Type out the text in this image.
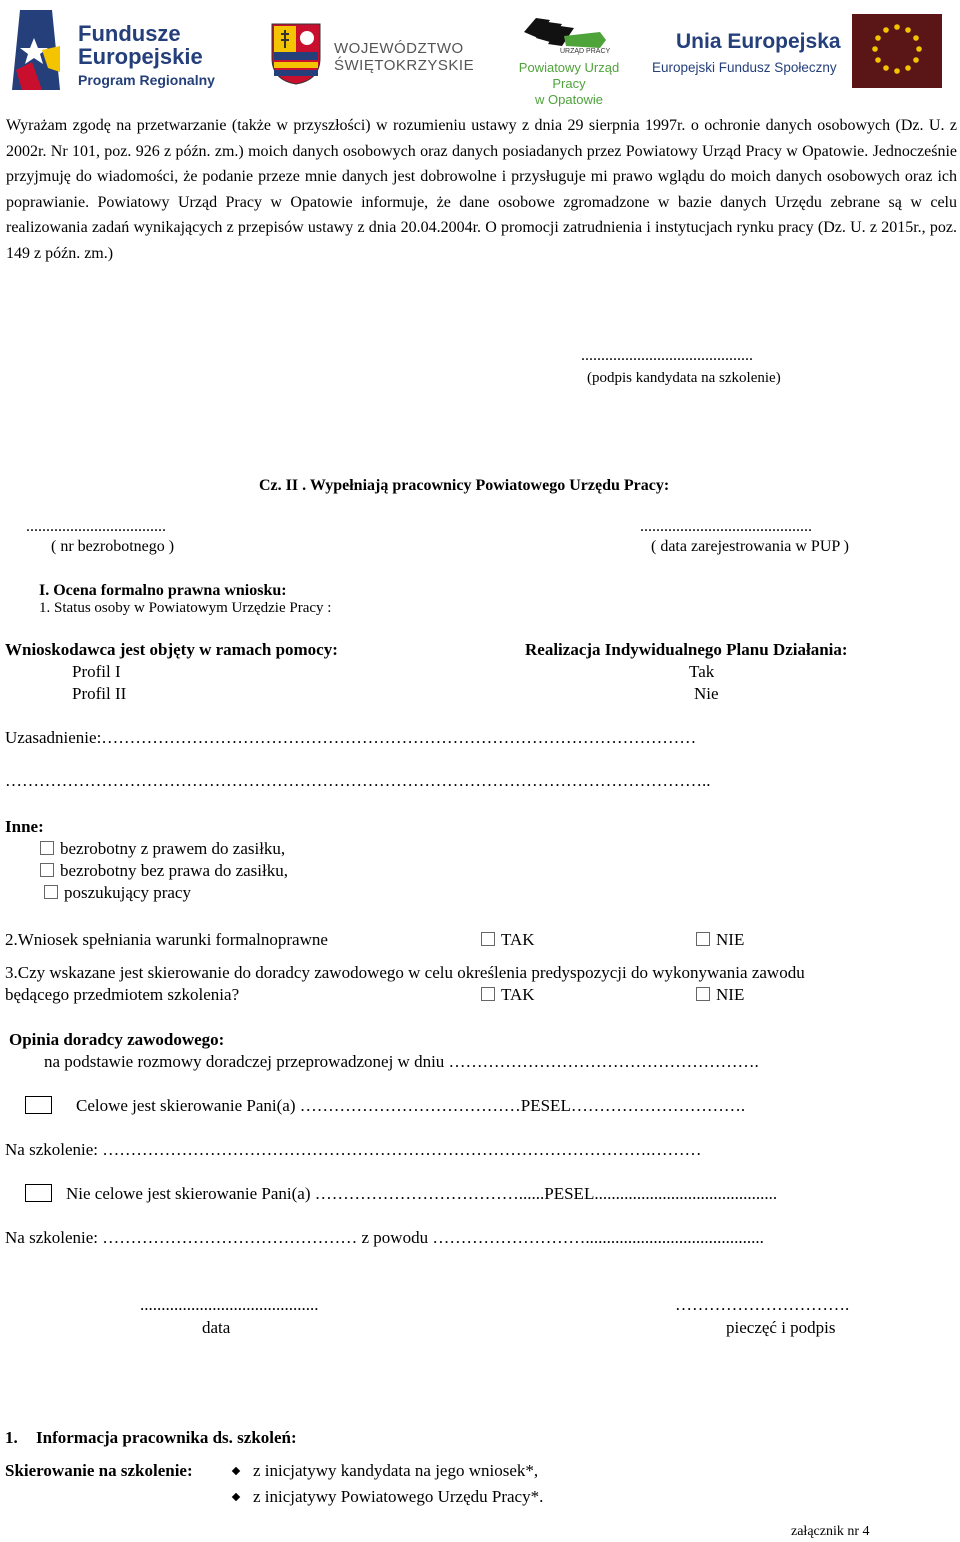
Fundusze
Europejskie
Program Regionalny
WOJEWÓDZTWO
ŚWIĘTOKRZYSKIE
URZĄD PRACY
Powiatowy Urząd Pracy
w Opatowie
Unia Europejska
Europejski Fundusz Społeczny
Wyrażam zgodę na przetwarzanie (także w przyszłości) w rozumieniu ustawy z dnia 29 sierpnia 1997r. o ochronie danych osobowych (Dz. U. z 2002r. Nr 101, poz. 926 z późn. zm.) moich danych osobowych oraz danych posiadanych przez Powiatowy Urząd Pracy w Opatowie. Jednocześnie przyjmuję do wiadomości, że podanie przeze mnie danych jest dobrowolne i przysługuje mi prawo wglądu do moich danych osobowych oraz ich poprawianie. Powiatowy Urząd Pracy w Opatowie informuje, że dane osobowe zgromadzone w bazie danych Urzędu zebrane są w celu realizowania zadań wynikających z przepisów ustawy z dnia 20.04.2004r. O promocji zatrudnienia i instytucjach rynku pracy (Dz. U. z 2015r., poz. 149 z późn. zm.)
...........................................
(podpis kandydata na szkolenie)
Cz. II . Wypełniają pracownicy Powiatowego Urzędu Pracy:
...................................
( nr bezrobotnego )
...........................................
( data zarejestrowania w PUP )
I. Ocena formalno prawna wniosku:
1. Status osoby w Powiatowym Urzędzie Pracy :
Wnioskodawca jest objęty w ramach pomocy:
Profil I
Profil II
Realizacja Indywidualnego Planu Działania:
Tak
Nie
Uzasadnienie:……………………………………………………………………………………………
……………………………………………………………………………………………………………..
Inne:
bezrobotny z prawem do zasiłku,
bezrobotny bez prawa do zasiłku,
poszukujący pracy
2.Wniosek spełniania warunki formalnoprawne	TAK	NIE
3.Czy wskazane jest skierowanie do doradcy zawodowego w celu określenia predyspozycji do wykonywania zawodu
będącego przedmiotem szkolenia?	TAK	NIE
Opinia doradcy zawodowego:
na podstawie rozmowy doradczej przeprowadzonej w dniu ……………………………………………….
Celowe jest skierowanie Pani(a) …………………………………PESEL………………………….
Na szkolenie: …………………………………………………………………………………….………
Nie celowe jest skierowanie Pani(a) ………………………………......PESEL...........................................
Na szkolenie: ……………………………………… z powodu ………………………..........................................
..........................................
data
………………………….
pieczęć i podpis
1. Informacja pracownika ds. szkoleń:
Skierowanie na szkolenie:	z inicjatywy kandydata na jego wniosek*,
z inicjatywy Powiatowego Urzędu Pracy*.
załącznik nr 4
